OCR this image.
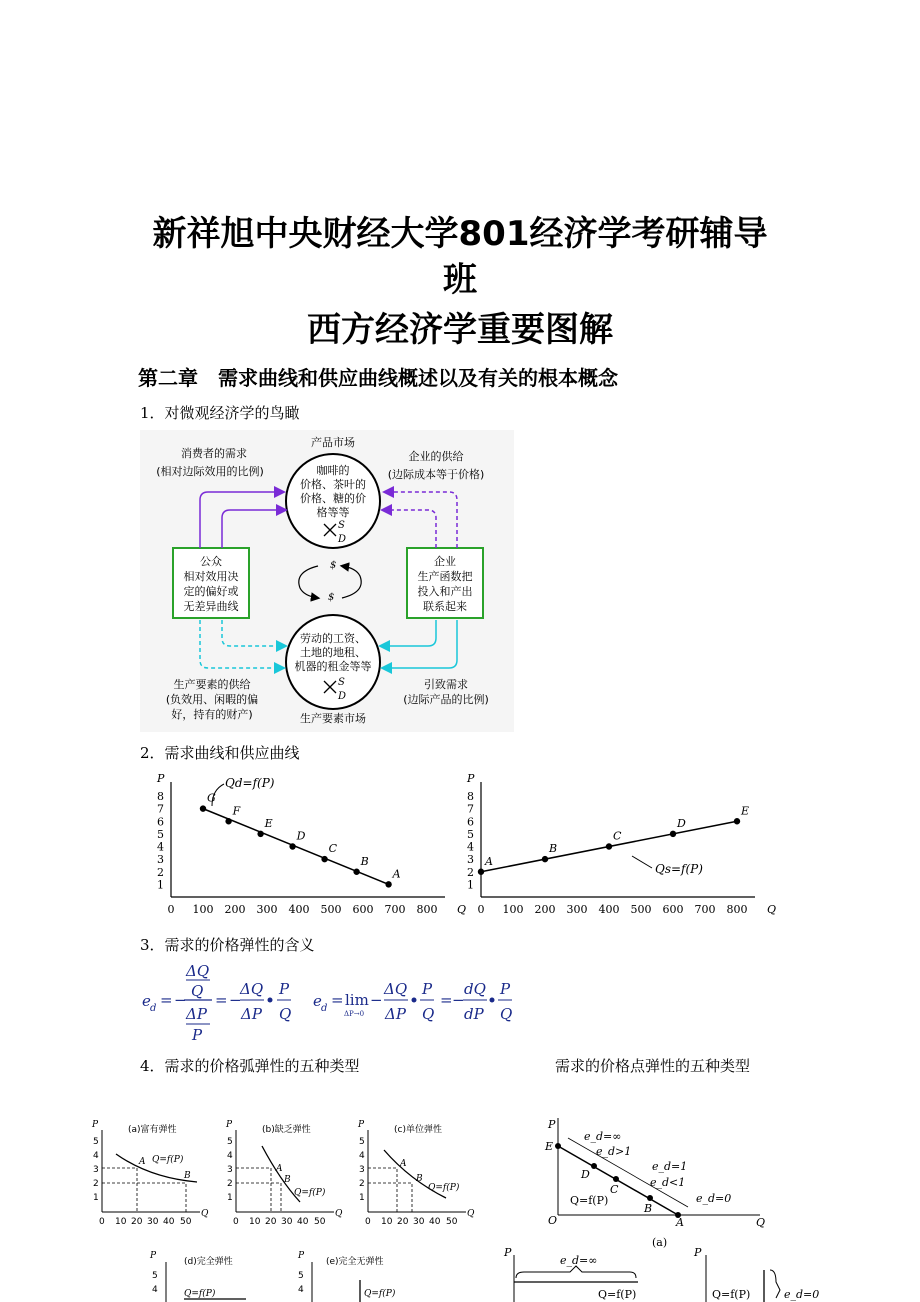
新祥旭中央财经大学801经济学考研辅导
班
西方经济学重要图解
第二章　需求曲线和供应曲线概述以及有关的根本概念
1．对微观经济学的鸟瞰
2．需求曲线和供应曲线
3．需求的价格弹性的含义
4．需求的价格弧弹性的五种类型	需求的价格点弹性的五种类型
产品市场
生产要素市场
消费者的需求
(相对边际效用的比例)
企业的供给
(边际成本等于价格)
咖啡的
价格、茶叶的
价格、糖的价
格等等
劳动的工资、
土地的地租、
机器的租金等等
公众
相对效用决
定的偏好或
无差异曲线
企业
生产函数把
投入和产出
联系起来
生产要素的供给
(负效用、闲暇的偏
好，持有的财产)
引致需求
(边际产品的比例)
$
$
S
D
S
D
P
Q
1
2
3
4
5
6
7
8
0 100 200 300 400 500 600 700 800
G
F
E
D
C
B
A
Qd=f(P)	P
Q
1
2
3
4
5
6
7
8
0 100 200 300 400 500 600 700 800
A
B
C
D
E
Qs=f(P)
e d = −
ΔQ
Q
ΔP
P
= −
ΔQ
ΔP
P
Q
e d = lim
ΔP→0
−
ΔQ
ΔP
P
Q
= −
dQ
dP
P
Q
(a)富有弹性
Q=f(P)
A
B
P
Q
5
4
3
2
1
0 10 20 30 40 50
(b)缺乏弹性
A
B
Q=f(P)
P
Q
5
4
3
2
1
0 10 20 30 40 50
(c)单位弹性
A
B
Q=f(P)
P
Q
5
4
3
2
1
0 10 20 30 40 50
(d)完全弹性
Q=f(P)
P
5
4
(e)完全无弹性
Q=f(P)
P
5
4
E
D
C
B
A
O	Q
P
e_d=∞
e_d>1
e_d=1
e_d<1
e_d=0
Q=f(P)
(a)
e_d=∞
Q=f(P)
P
Q=f(P)	e_d=0
P
